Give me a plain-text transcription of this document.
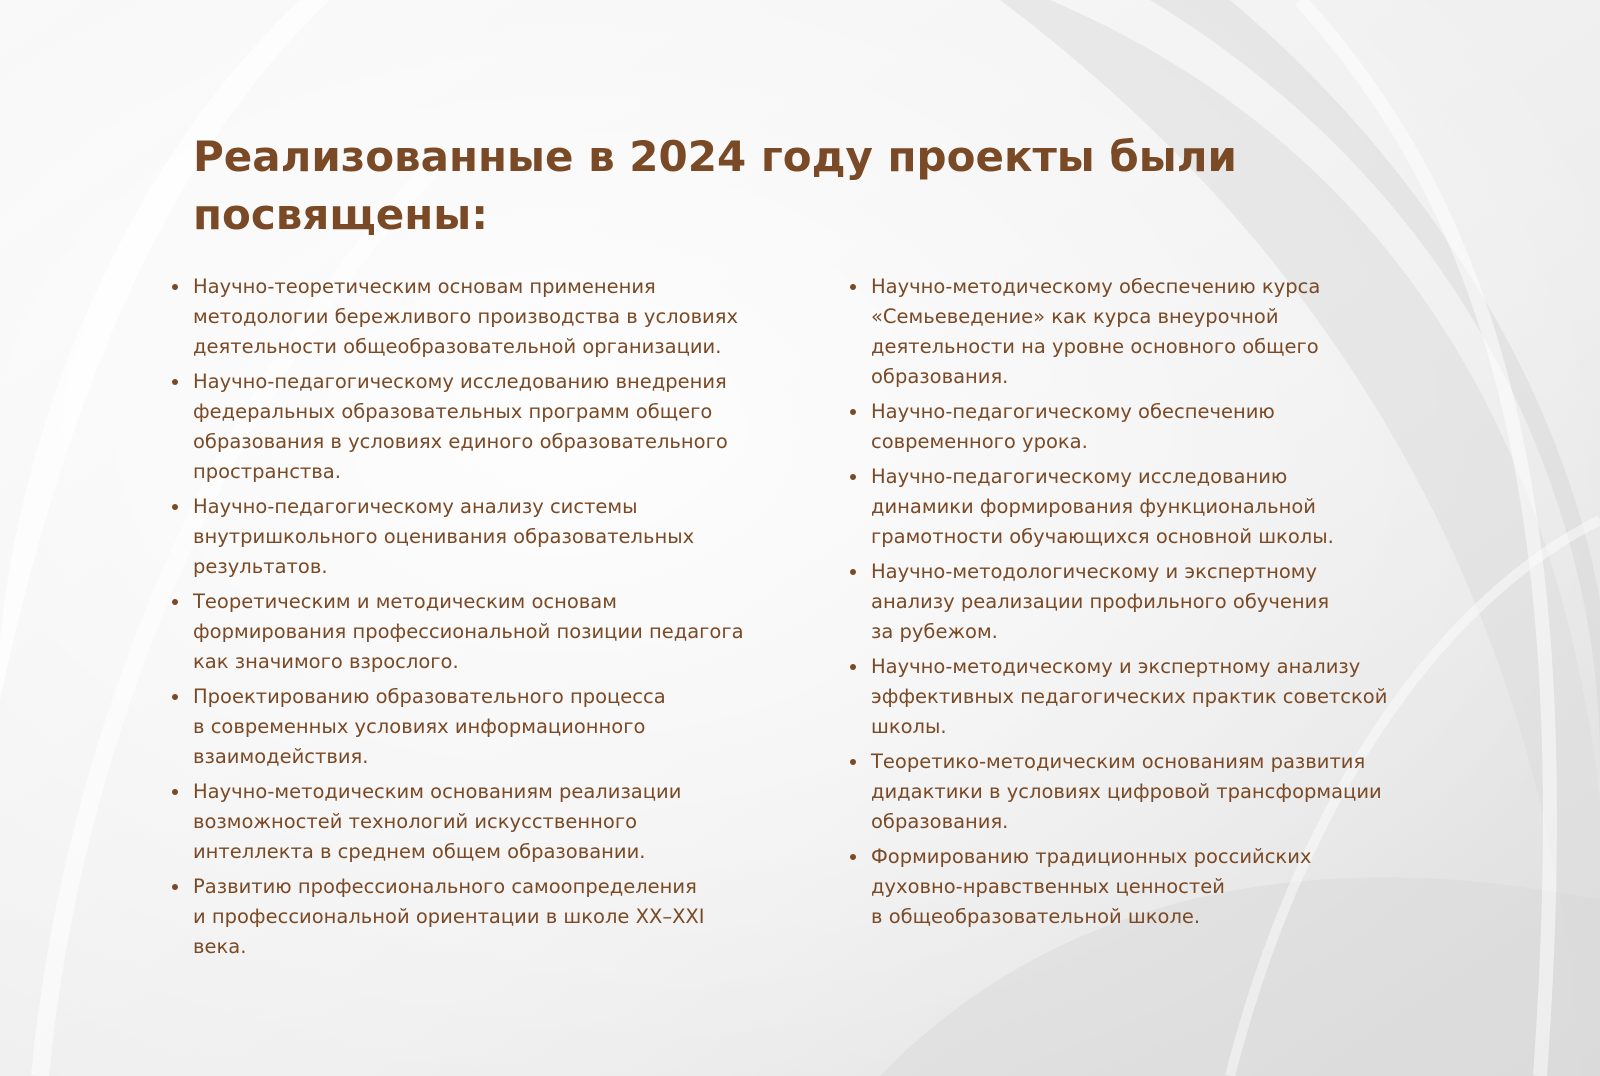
Реализованные в 2024 году проекты были
посвящены:
Научно-теоретическим основам применения
методологии бережливого производства в условиях
деятельности общеобразовательной организации.
Научно-педагогическому исследованию внедрения
федеральных образовательных программ общего
образования в условиях единого образовательного
пространства.
Научно-педагогическому анализу системы
внутришкольного оценивания образовательных
результатов.
Теоретическим и методическим основам
формирования профессиональной позиции педагога
как значимого взрослого.
Проектированию образовательного процесса
в современных условиях информационного
взаимодействия.
Научно-методическим основаниям реализации
возможностей технологий искусственного
интеллекта в среднем общем образовании.
Развитию профессионального самоопределения
и профессиональной ориентации в школе XX–XXI
века.
Научно-методическому обеспечению курса
«Семьеведение» как курса внеурочной
деятельности на уровне основного общего
образования.
Научно-педагогическому обеспечению
современного урока.
Научно-педагогическому исследованию
динамики формирования функциональной
грамотности обучающихся основной школы.
Научно-методологическому и экспертному
анализу реализации профильного обучения
за рубежом.
Научно-методическому и экспертному анализу
эффективных педагогических практик советской
школы.
Теоретико-методическим основаниям развития
дидактики в условиях цифровой трансформации
образования.
Формированию традиционных российских
духовно-нравственных ценностей
в общеобразовательной школе.
